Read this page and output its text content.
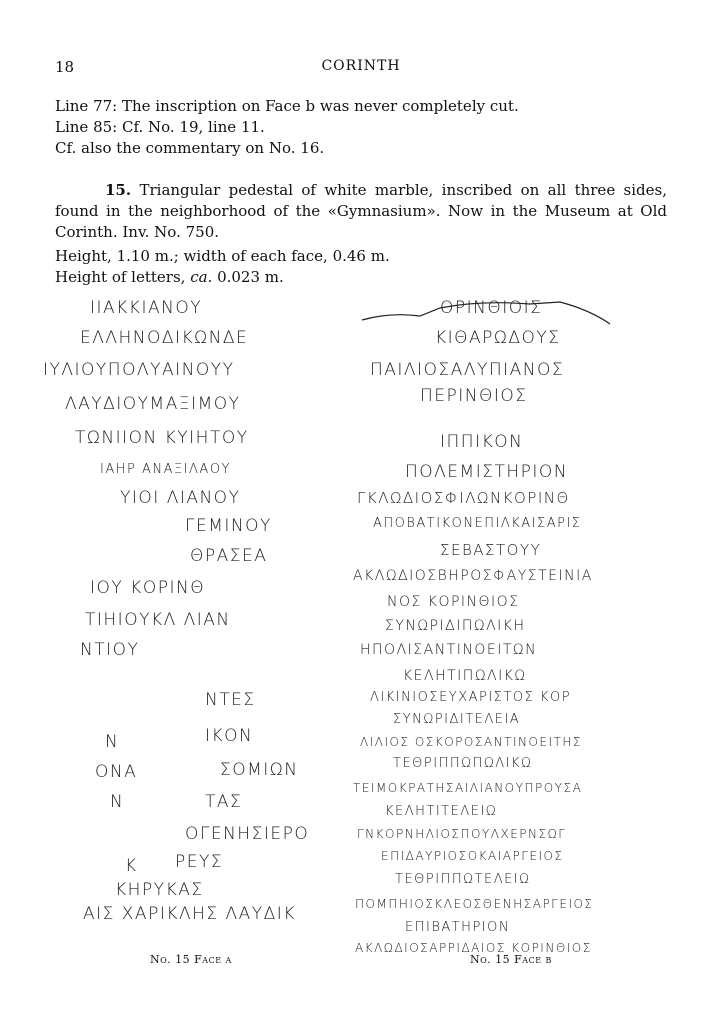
18	CORINTH
Line 77: The inscription on Face b was never completely cut.
Line 85: Cf. No. 19, line 11.
Cf. also the commentary on No. 16.
15. Triangular pedestal of white marble, inscribed on all three sides, found in the neighborhood of the «Gymnasium». Now in the Museum at Old Corinth. Inv. No. 750.
Height, 1.10 m.; width of each face, 0.46 m.
Height of letters, ca. 0.023 m.
ΙΙΑΚΚΙΑΝΟΥ
ΕΛΛΗΝΟΔΙΚΩΝΔΕ
ΙΥΛΙΟΥΠΟΛΥΑΙΝΟΥΥ
ΛΑΥΔΙΟΥΜΑΞΙΜΟΥ
ΤΩΝΙΙΟΝ ΚΥΙΗΤΟΥ
ΙΑΗΡ ΑΝΑΞΙΛΑΟΥ
ΥΙΟΙ ΛΙΑΝΟΥ
ΓΕΜΙΝΟΥ
ΘΡΑΣΕΑ
ΙΟΥ ΚΟΡΙΝΘ
ΤΙΗΙΟΥΚΛ ΛΙΑΝ
ΝΤΙΟΥ
ΝΤΕΣ
Ν	ΙΚΟΝ
ΟΝΑ	ΣΟΜΙΩΝ
Ν	ΤΑΣ
ΟΓΕΝΗΣΙΕΡΟ
Κ ΡΕΥΣ
ΚΗΡΥΚΑΣ
ΑΙΣ ΧΑΡΙΚΛΗΣ ΛΑΥΔΙΚ
ΟΡΙΝΘΙΟΙΣ
ΚΙΘΑΡΩΔΟΥΣ
ΠΑΙΛΙΟΣΑΛΥΠΙΑΝΟΣ
ΠΕΡΙΝΘΙΟΣ
ΙΠΠΙΚΟΝ
ΠΟΛΕΜΙΣΤΗΡΙΟΝ
ΓΚΛΩΔΙΟΣΦΙΛΩΝΚΟΡΙΝΘ
ΑΠΟΒΑΤΙΚΟΝΕΠΙΛΚΑΙΣΑΡΙΣ
ΣΕΒΑΣΤΟΥΥ
ΑΚΛΩΔΙΟΣΒΗΡΟΣΦΑΥΣΤΕΙΝΙΑ
ΝΟΣ ΚΟΡΙΝΘΙΟΣ
ΣΥΝΩΡΙΔΙΠΩΛΙΚΗ
ΗΠΟΛΙΣΑΝΤΙΝΟΕΙΤΩΝ
ΚΕΛΗΤΙΠΩΛΙΚΩ
ΛΙΚΙΝΙΟΣΕΥΧΑΡΙΣΤΟΣ ΚΟΡ
ΣΥΝΩΡΙΔΙΤΕΛΕΙΑ
ΛΙΛΙΟΣ ΟΣΚΟΡΟΣΑΝΤΙΝΟΕΙΤΗΣ
ΤΕΘΡΙΠΠΩΠΩΛΙΚΩ
ΤΕΙΜΟΚΡΑΤΗΣΑΙΛΙΑΝΟΥΠΡΟΥΣΑ
ΚΕΛΗΤΙΤΕΛΕΙΩ
ΓΝΚΟΡΝΗΛΙΟΣΠΟΥΛΧΕΡΝΣΩΓ
ΕΠΙΔΑΥΡΙΟΣΟΚΑΙΑΡΓΕΙΟΣ
ΤΕΘΡΙΠΠΩΤΕΛΕΙΩ
ΠΟΜΠΗΙΟΣΚΛΕΟΣΘΕΝΗΣΑΡΓΕΙΟΣ
ΕΠΙΒΑΤΗΡΙΟΝ
ΑΚΛΩΔΙΟΣΑΡΡΙΔΑΙΟΣ ΚΟΡΙΝΘΙΟΣ
No. 15 Face a	No. 15 Face b
